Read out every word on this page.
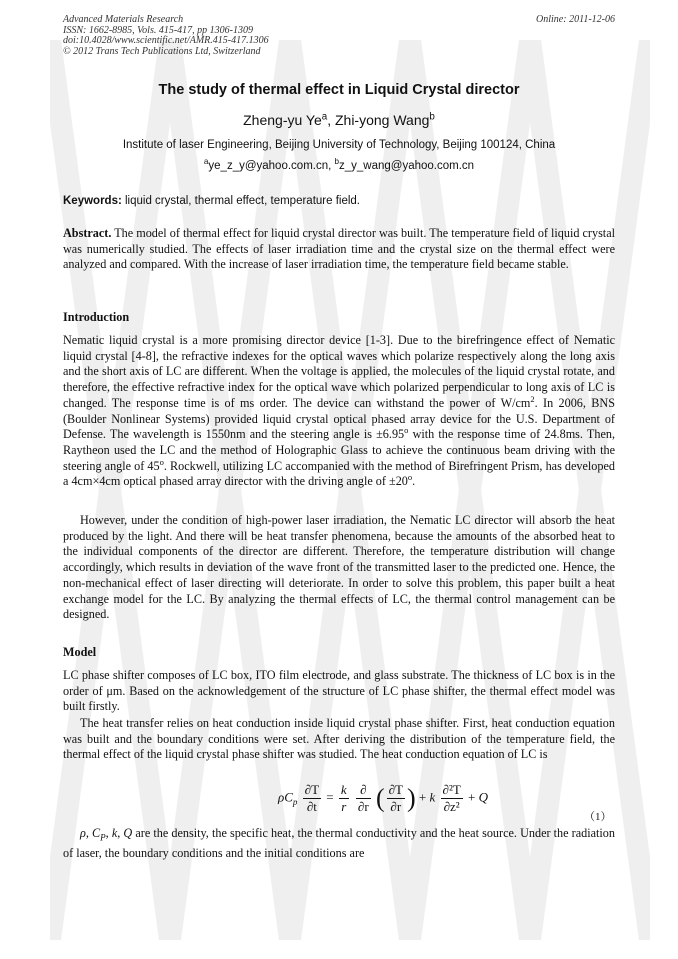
Advanced Materials Research
ISSN: 1662-8985, Vols. 415-417, pp 1306-1309
doi:10.4028/www.scientific.net/AMR.415-417.1306
© 2012 Trans Tech Publications Ltd, Switzerland
Online: 2011-12-06
The study of thermal effect in Liquid Crystal director
Zheng-yu Ye$^a$, Zhi-yong Wang$^b$
Institute of laser Engineering, Beijing University of Technology, Beijing 100124, China
$^a$ye_z_y@yahoo.com.cn, $^b$z_y_wang@yahoo.com.cn
Keywords: liquid crystal, thermal effect, temperature field.

Abstract. The model of thermal effect for liquid crystal director was built. The temperature field of liquid crystal was numerically studied. The effects of laser irradiation time and the crystal size on the thermal effect were analyzed and compared. With the increase of laser irradiation time, the temperature field became stable.

Introduction

Nematic liquid crystal is a more promising director device [1-3]. Due to the birefringence effect of Nematic liquid crystal [4-8], the refractive indexes for the optical waves which polarize respectively along the long axis and the short axis of LC are different. When the voltage is applied, the molecules of the liquid crystal rotate, and therefore, the effective refractive index for the optical wave which polarized perpendicular to long axis of LC is changed. The response time is of ms order. The device can withstand the power of $W/cm^2$. In 2006, BNS (Boulder Nonlinear Systems) provided liquid crystal optical phased array device for the U.S. Department of Defense. The wavelength is 1550nm and the steering angle is $\pm 6.95^o$ with the response time of 24.8ms. Then, Raytheon used the LC and the method of Holographic Glass to achieve the continuous beam driving with the steering angle of 45$^o$. Rockwell, utilizing LC accompanied with the method of Birefringent Prism, has developed a 4cm×4cm optical phased array director with the driving angle of $\pm 20^o$.

However, under the condition of high-power laser irradiation, the Nematic LC director will absorb the heat produced by the light. And there will be heat transfer phenomena, because the amounts of the absorbed heat to the individual components of the director are different. Therefore, the temperature distribution will change accordingly, which results in deviation of the wave front of the transmitted laser to the predicted one. Hence, the non-mechanical effect of laser directing will deteriorate. In order to solve this problem, this paper built a heat exchange model for the LC. By analyzing the thermal effects of LC, the thermal control management can be designed.

Model

LC phase shifter composes of LC box, ITO film electrode, and glass substrate. The thickness of LC box is in the order of μm. Based on the acknowledgement of the structure of LC phase shifter, the thermal effect model was built firstly.

The heat transfer relies on heat conduction inside liquid crystal phase shifter. First, heat conduction equation was built and the boundary conditions were set. After deriving the distribution of the temperature field, the thermal effect of the liquid crystal phase shifter was studied. The heat conduction equation of LC is

$\rho C_p \frac{\partial T}{\partial t} = \frac{k}{r}$
$\frac{\partial}{\partial r}$ ( $\frac{\partial T}{\partial r}$ ) + k $\frac{\text{∂²T}}{\text{∂z²}} + Q$
（1）

ρ, $C_P$, k, Q are the density, the specific heat, the thermal conductivity and the heat source. Under the radiation of laser, the boundary conditions and the initial conditions are
